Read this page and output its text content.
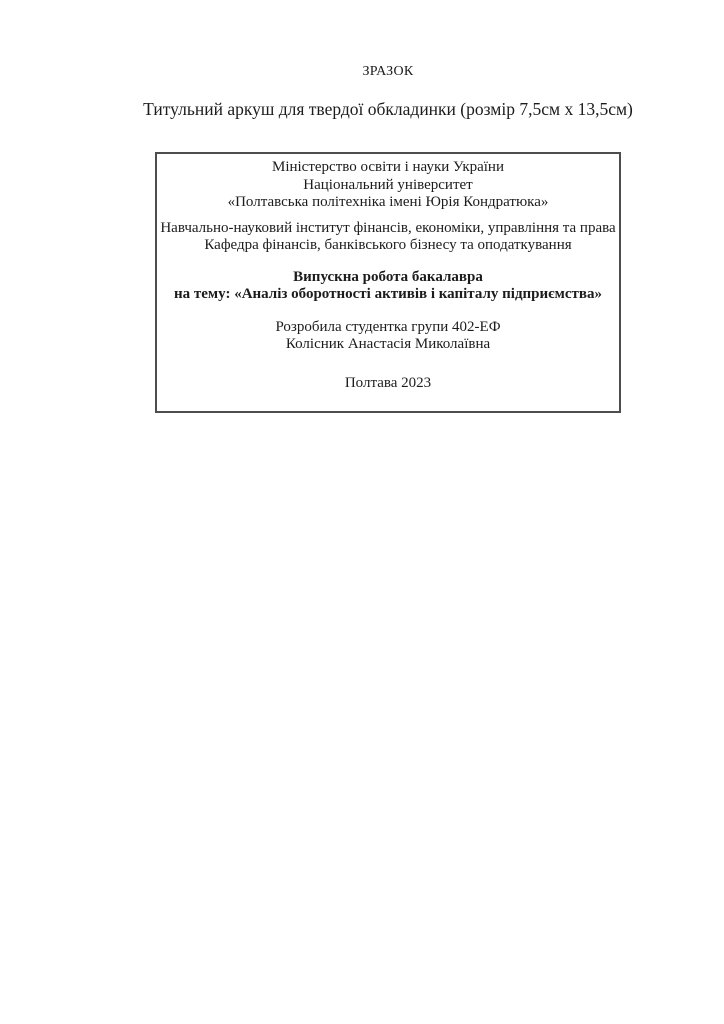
ЗРАЗОК
Титульний аркуш для твердої обкладинки (розмір 7,5см х 13,5см)
Міністерство освіти і науки України
Національний університет
«Полтавська політехніка імені Юрія Кондратюка»
Навчально-науковий інститут фінансів, економіки, управління та права
Кафедра фінансів, банківського бізнесу та оподаткування
Випускна робота бакалавра
на тему: «Аналіз оборотності активів і капіталу підприємства»
Розробила студентка групи 402-ЕФ
Колісник Анастасія Миколаївна
Полтава 2023
